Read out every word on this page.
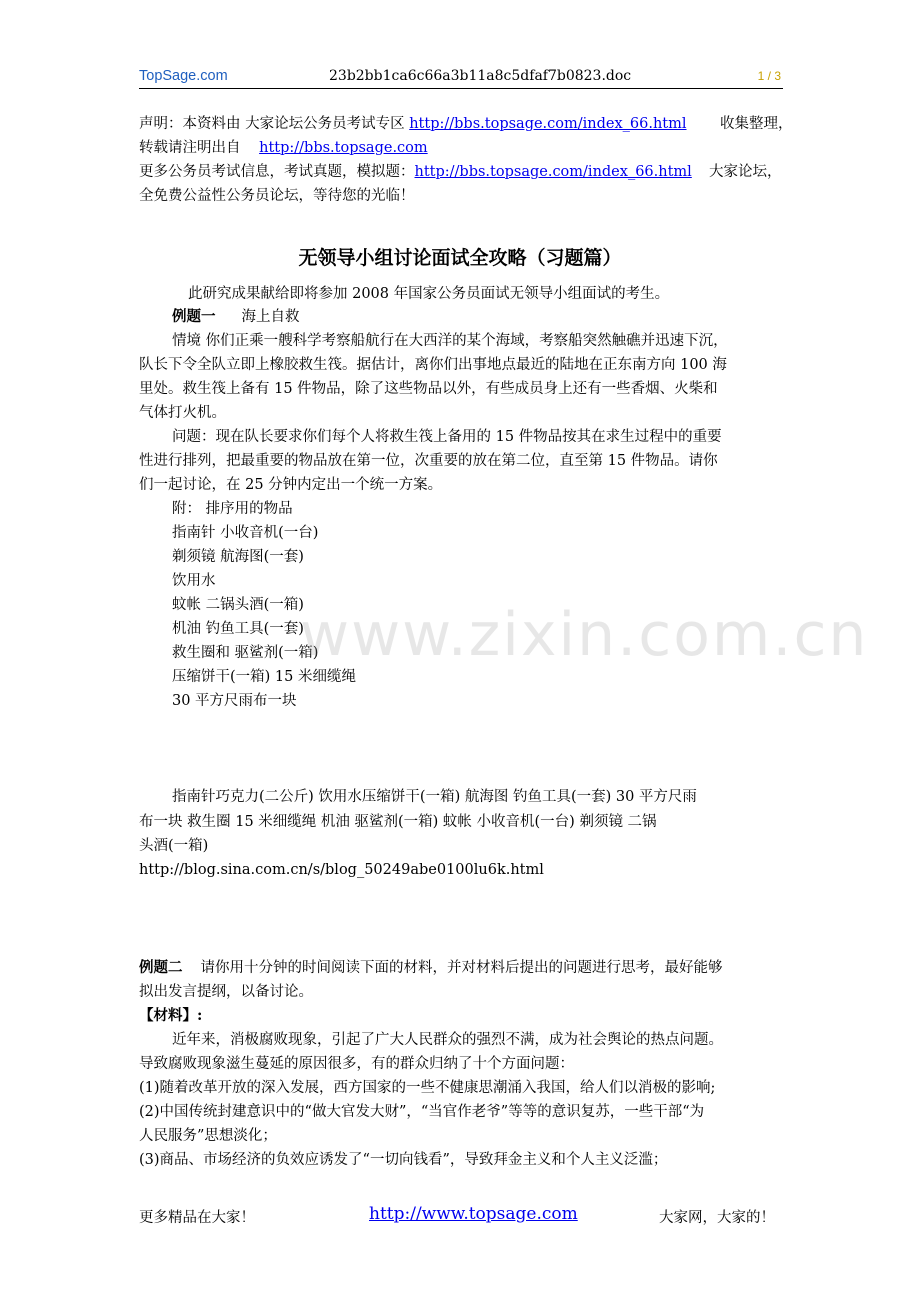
TopSage.com	23b2bb1ca6c66a3b11a8c5dfaf7b0823.doc	1 / 3
声明：本资料由 大家论坛公务员考试专区 http://bbs.topsage.com/index_66.html 收集整理，
转载请注明出自 http://bbs.topsage.com
更多公务员考试信息，考试真题，模拟题：http://bbs.topsage.com/index_66.html 大家论坛，
全免费公益性公务员论坛，等待您的光临！
无领导小组讨论面试全攻略（习题篇）
此研究成果献给即将参加 2008 年国家公务员面试无领导小组面试的考生。
例题一 海上自救
情境 你们正乘一艘科学考察船航行在大西洋的某个海域，考察船突然触礁并迅速下沉，
队长下令全队立即上橡胶救生筏。据估计，离你们出事地点最近的陆地在正东南方向 100 海
里处。救生筏上备有 15 件物品，除了这些物品以外，有些成员身上还有一些香烟、火柴和
气体打火机。
问题：现在队长要求你们每个人将救生筏上备用的 15 件物品按其在求生过程中的重要
性进行排列，把最重要的物品放在第一位，次重要的放在第二位，直至第 15 件物品。请你
们一起讨论，在 25 分钟内定出一个统一方案。
附： 排序用的物品
指南针 小收音机(一台)
剃须镜 航海图(一套)
饮用水
蚊帐 二锅头酒(一箱)
机油 钓鱼工具(一套)
救生圈和 驱鲨剂(一箱)
压缩饼干(一箱) 15 米细缆绳
30 平方尺雨布一块
指南针巧克力(二公斤) 饮用水压缩饼干(一箱) 航海图 钓鱼工具(一套) 30 平方尺雨
布一块 救生圈 15 米细缆绳 机油 驱鲨剂(一箱) 蚊帐 小收音机(一台) 剃须镜 二锅
头酒(一箱)
http://blog.sina.com.cn/s/blog_50249abe0100lu6k.html
例题二 请你用十分钟的时间阅读下面的材料，并对材料后提出的问题进行思考，最好能够
拟出发言提纲，以备讨论。
【材料】:
近年来，消极腐败现象，引起了广大人民群众的强烈不满，成为社会舆论的热点问题。
导致腐败现象滋生蔓延的原因很多，有的群众归纳了十个方面问题：
(1)随着改革开放的深入发展，西方国家的一些不健康思潮涌入我国，给人们以消极的影响;
(2)中国传统封建意识中的“做大官发大财”，“当官作老爷”等等的意识复苏，一些干部“为
人民服务”思想淡化；
(3)商品、市场经济的负效应诱发了“一切向钱看”，导致拜金主义和个人主义泛滥；
www.zixin.com.cn
更多精品在大家！	http://www.topsage.com	大家网，大家的！
